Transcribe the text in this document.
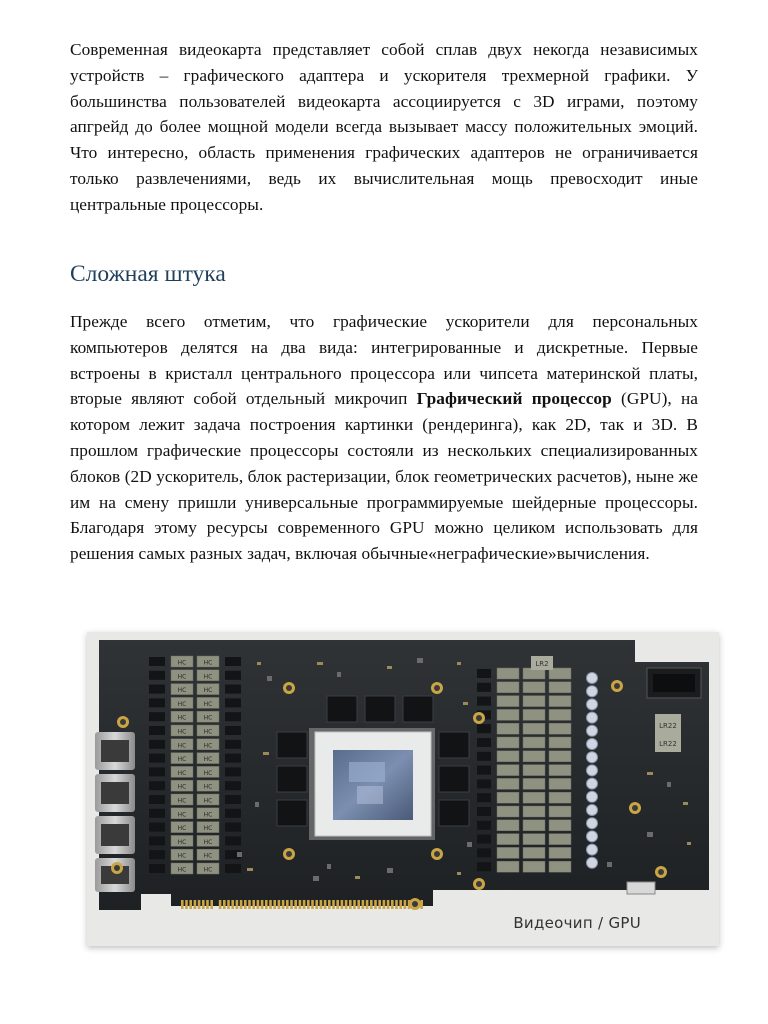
Современная видеокарта представляет собой сплав двух некогда независимых устройств – графического адаптера и ускорителя трехмерной графики. У большинства пользователей видеокарта ассоциируется с 3D играми, поэтому апгрейд до более мощной модели всегда вызывает массу положительных эмоций. Что интересно, область применения графических адаптеров не ограничивается только развлечениями, ведь их вычислительная мощь превосходит иные центральные процессоры.

Сложная штука

Прежде всего отметим, что графические ускорители для персональных компьютеров делятся на два вида: интегрированные и дискретные. Первые встроены в кристалл центрального процессора или чипсета материнской платы, вторые являют собой отдельный микрочип Графический процессор (GPU), на котором лежит задача построения картинки (рендеринга), как 2D, так и 3D. В прошлом графические процессоры состояли из нескольких специализированных блоков (2D ускоритель, блок растеризации, блок геометрических расчетов), ныне же им на смену пришли универсальные программируемые шейдерные процессоры. Благодаря этому ресурсы современного GPU можно целиком использовать для решения самых разных задач, включая обычные«неграфические»вычисления.

НС
НС
НС
НС
НС
НС
НС
НС
НС
НС
НС
НС
НС
НС
НС
НС
НС
НС
НС
НС
НС
НС
НС
НС
НС
НС
НС
НС
НС
НС
НС
НС
LR22
LR22
LR2
Видеочип / GPU
